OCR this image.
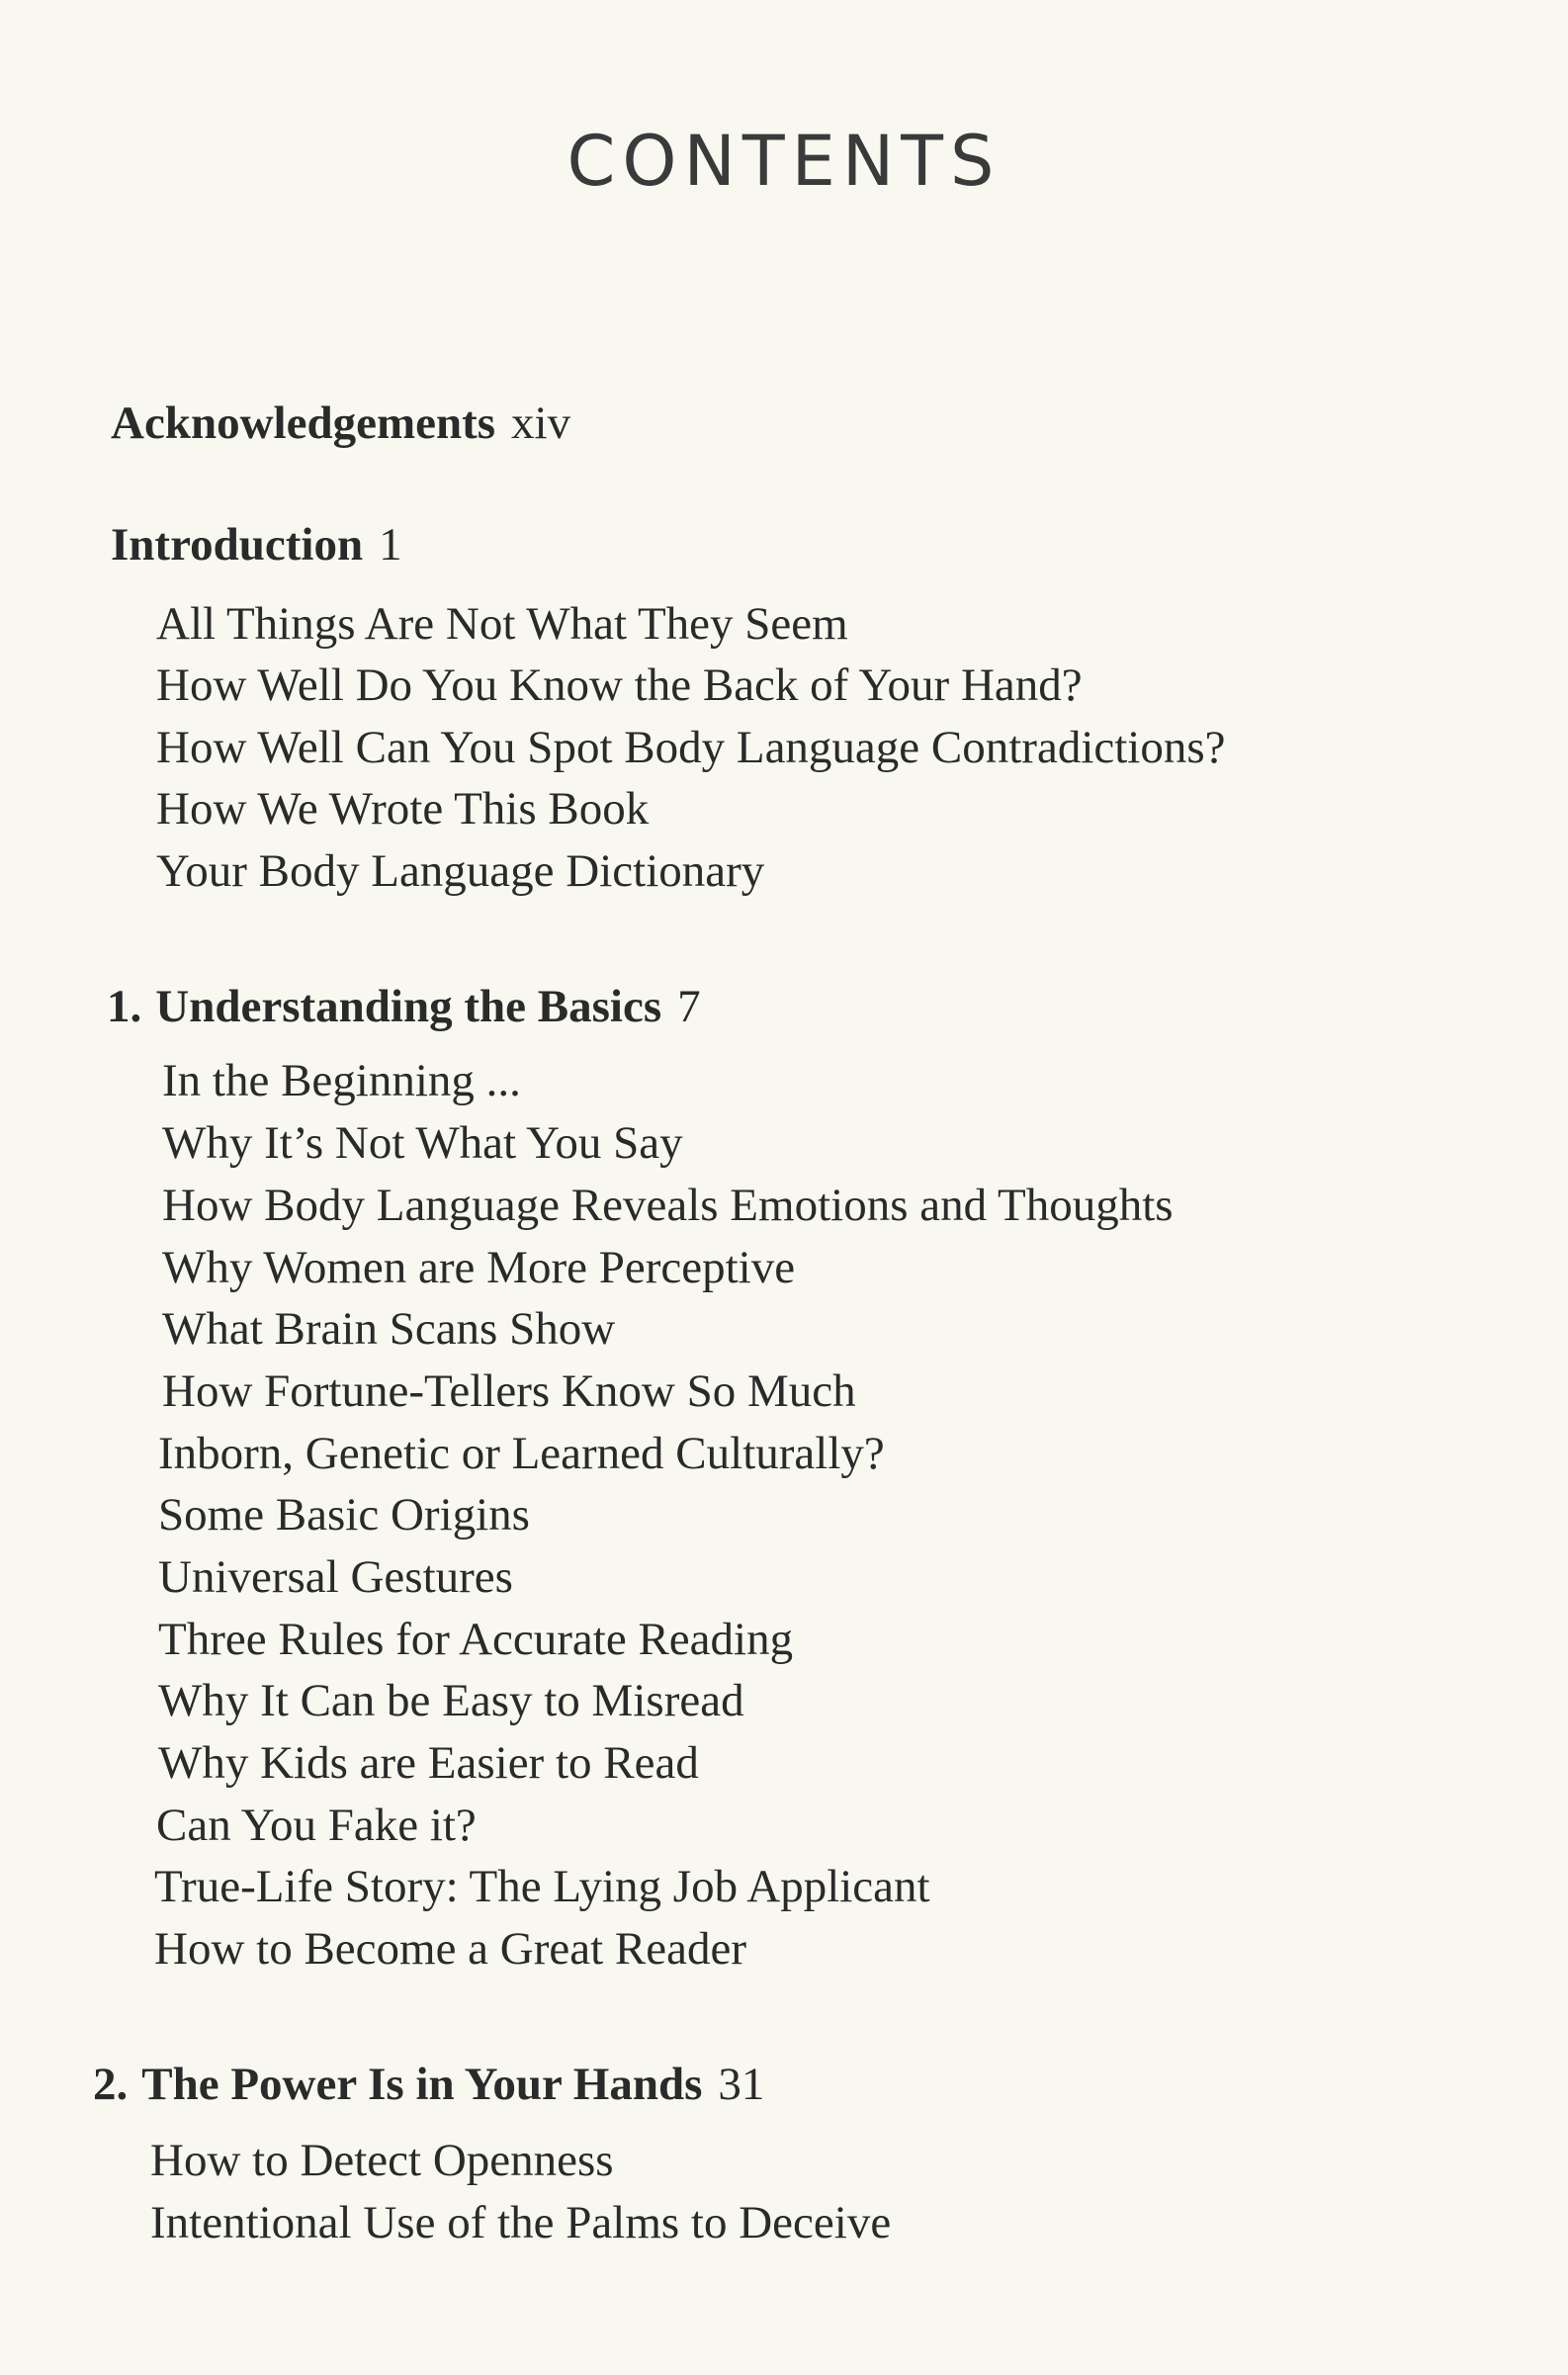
CONTENTS
Acknowledgements xiv
Introduction 1
All Things Are Not What They Seem
How Well Do You Know the Back of Your Hand?
How Well Can You Spot Body Language Contradictions?
How We Wrote This Book
Your Body Language Dictionary
1. Understanding the Basics 7
In the Beginning ...
Why It’s Not What You Say
How Body Language Reveals Emotions and Thoughts
Why Women are More Perceptive
What Brain Scans Show
How Fortune-Tellers Know So Much
Inborn, Genetic or Learned Culturally?
Some Basic Origins
Universal Gestures
Three Rules for Accurate Reading
Why It Can be Easy to Misread
Why Kids are Easier to Read
Can You Fake it?
True-Life Story: The Lying Job Applicant
How to Become a Great Reader
2. The Power Is in Your Hands 31
How to Detect Openness
Intentional Use of the Palms to Deceive
